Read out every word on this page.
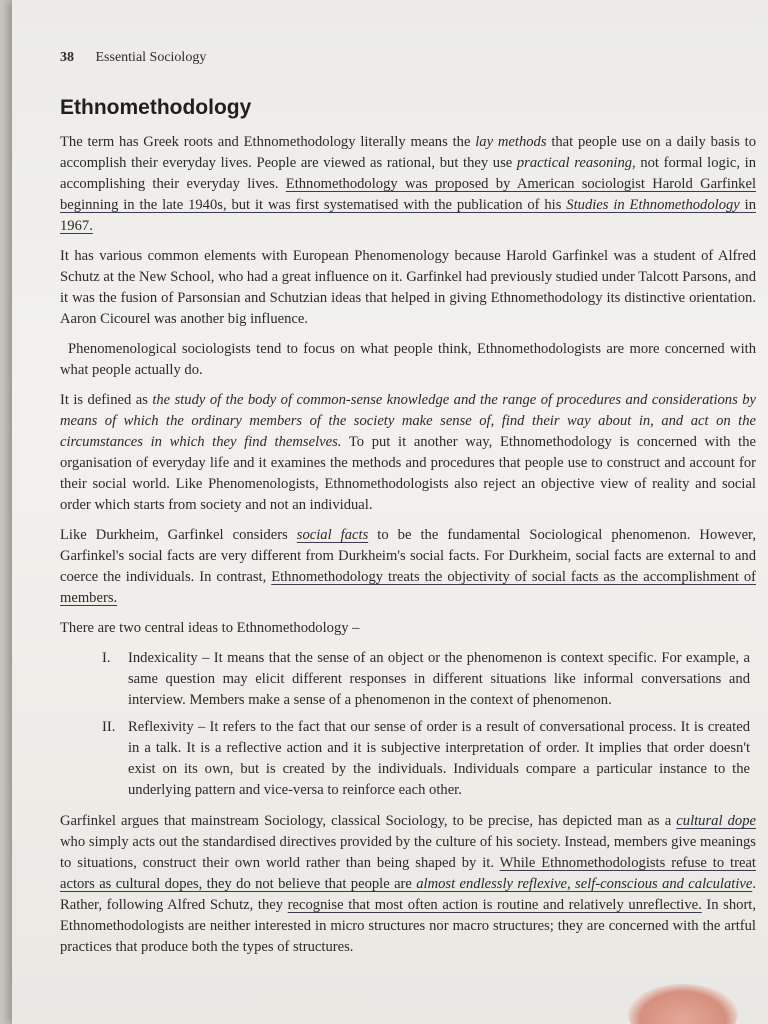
38 Essential Sociology
Ethnomethodology

The term has Greek roots and Ethnomethodology literally means the lay methods that people use on a daily basis to accomplish their everyday lives. People are viewed as rational, but they use practical reasoning, not formal logic, in accomplishing their everyday lives. Ethnomethodology was proposed by American sociologist Harold Garfinkel beginning in the late 1940s, but it was first systematised with the publication of his Studies in Ethnomethodology in 1967.

It has various common elements with European Phenomenology because Harold Garfinkel was a student of Alfred Schutz at the New School, who had a great influence on it. Garfinkel had previously studied under Talcott Parsons, and it was the fusion of Parsonsian and Schutzian ideas that helped in giving Ethnomethodology its distinctive orientation. Aaron Cicourel was another big influence.

Phenomenological sociologists tend to focus on what people think, Ethnomethodologists are more concerned with what people actually do.

It is defined as the study of the body of common-sense knowledge and the range of procedures and considerations by means of which the ordinary members of the society make sense of, find their way about in, and act on the circumstances in which they find themselves. To put it another way, Ethnomethodology is concerned with the organisation of everyday life and it examines the methods and procedures that people use to construct and account for their social world. Like Phenomenologists, Ethnomethodologists also reject an objective view of reality and social order which starts from society and not an individual.

Like Durkheim, Garfinkel considers social facts to be the fundamental Sociological phenomenon. However, Garfinkel's social facts are very different from Durkheim's social facts. For Durkheim, social facts are external to and coerce the individuals. In contrast, Ethnomethodology treats the objectivity of social facts as the accomplishment of members.

There are two central ideas to Ethnomethodology –

I. Indexicality – It means that the sense of an object or the phenomenon is context specific. For example, a same question may elicit different responses in different situations like informal conversations and interview. Members make a sense of a phenomenon in the context of phenomenon.
II. Reflexivity – It refers to the fact that our sense of order is a result of conversational process. It is created in a talk. It is a reflective action and it is subjective interpretation of order. It implies that order doesn't exist on its own, but is created by the individuals. Individuals compare a particular instance to the underlying pattern and vice-versa to reinforce each other.

Garfinkel argues that mainstream Sociology, classical Sociology, to be precise, has depicted man as a cultural dope who simply acts out the standardised directives provided by the culture of his society. Instead, members give meanings to situations, construct their own world rather than being shaped by it. While Ethnomethodologists refuse to treat actors as cultural dopes, they do not believe that people are almost endlessly reflexive, self-conscious and calculative. Rather, following Alfred Schutz, they recognise that most often action is routine and relatively unreflective. In short, Ethnomethodologists are neither interested in micro structures nor macro structures; they are concerned with the artful practices that produce both the types of structures.
